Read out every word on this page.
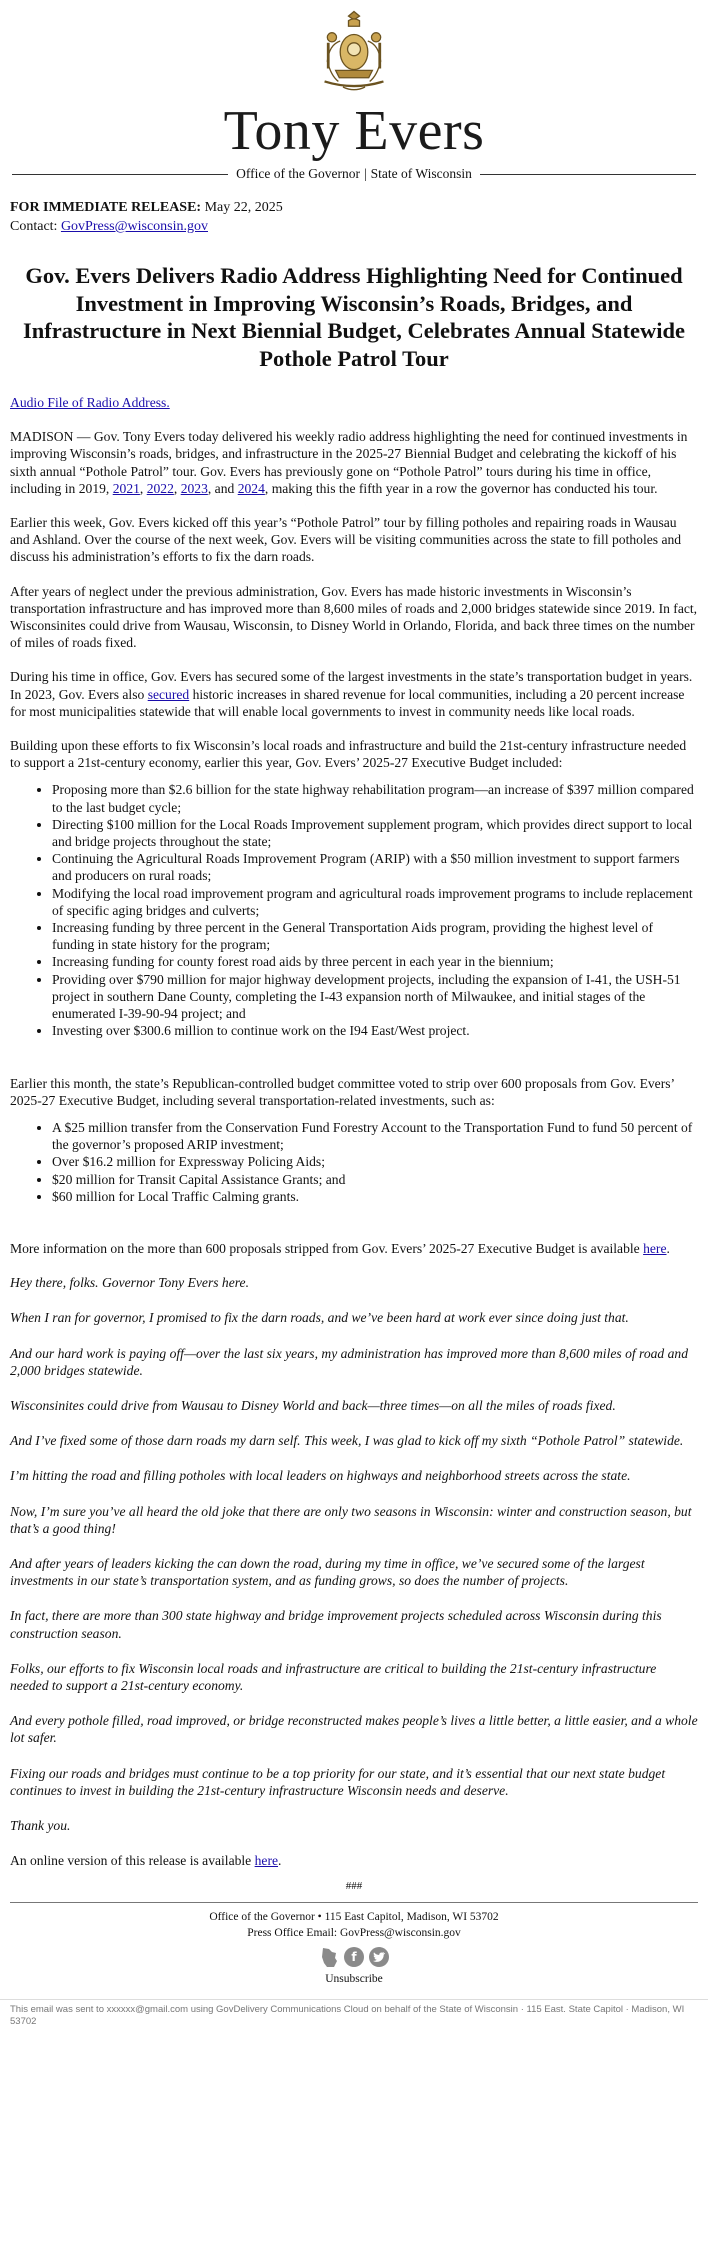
Tony Evers
Office of the Governor | State of Wisconsin
FOR IMMEDIATE RELEASE: May 22, 2025
Contact: GovPress@wisconsin.gov
Gov. Evers Delivers Radio Address Highlighting Need for Continued Investment in Improving Wisconsin’s Roads, Bridges, and Infrastructure in Next Biennial Budget, Celebrates Annual Statewide Pothole Patrol Tour

Audio File of Radio Address.

MADISON — Gov. Tony Evers today delivered his weekly radio address highlighting the need for continued investments in improving Wisconsin’s roads, bridges, and infrastructure in the 2025-27 Biennial Budget and celebrating the kickoff of his sixth annual “Pothole Patrol” tour. Gov. Evers has previously gone on “Pothole Patrol” tours during his time in office, including in 2019, 2021, 2022, 2023, and 2024, making this the fifth year in a row the governor has conducted his tour.

Earlier this week, Gov. Evers kicked off this year’s “Pothole Patrol” tour by filling potholes and repairing roads in Wausau and Ashland. Over the course of the next week, Gov. Evers will be visiting communities across the state to fill potholes and discuss his administration’s efforts to fix the darn roads.

After years of neglect under the previous administration, Gov. Evers has made historic investments in Wisconsin’s transportation infrastructure and has improved more than 8,600 miles of roads and 2,000 bridges statewide since 2019. In fact, Wisconsinites could drive from Wausau, Wisconsin, to Disney World in Orlando, Florida, and back three times on the number of miles of roads fixed.

During his time in office, Gov. Evers has secured some of the largest investments in the state’s transportation budget in years. In 2023, Gov. Evers also secured historic increases in shared revenue for local communities, including a 20 percent increase for most municipalities statewide that will enable local governments to invest in community needs like local roads.

Building upon these efforts to fix Wisconsin’s local roads and infrastructure and build the 21st-century infrastructure needed to support a 21st-century economy, earlier this year, Gov. Evers’ 2025-27 Executive Budget included:

• Proposing more than $2.6 billion for the state highway rehabilitation program—an increase of $397 million compared to the last budget cycle;
• Directing $100 million for the Local Roads Improvement supplement program, which provides direct support to local and bridge projects throughout the state;
• Continuing the Agricultural Roads Improvement Program (ARIP) with a $50 million investment to support farmers and producers on rural roads;
• Modifying the local road improvement program and agricultural roads improvement programs to include replacement of specific aging bridges and culverts;
• Increasing funding by three percent in the General Transportation Aids program, providing the highest level of funding in state history for the program;
• Increasing funding for county forest road aids by three percent in each year in the biennium;
• Providing over $790 million for major highway development projects, including the expansion of I-41, the USH-51 project in southern Dane County, completing the I-43 expansion north of Milwaukee, and initial stages of the enumerated I-39-90-94 project; and
• Investing over $300.6 million to continue work on the I94 East/West project.

Earlier this month, the state’s Republican-controlled budget committee voted to strip over 600 proposals from Gov. Evers’ 2025-27 Executive Budget, including several transportation-related investments, such as:

• A $25 million transfer from the Conservation Fund Forestry Account to the Transportation Fund to fund 50 percent of the governor’s proposed ARIP investment;
• Over $16.2 million for Expressway Policing Aids;
• $20 million for Transit Capital Assistance Grants; and
• $60 million for Local Traffic Calming grants.

More information on the more than 600 proposals stripped from Gov. Evers’ 2025-27 Executive Budget is available here.

Hey there, folks. Governor Tony Evers here.

When I ran for governor, I promised to fix the darn roads, and we’ve been hard at work ever since doing just that.

And our hard work is paying off—over the last six years, my administration has improved more than 8,600 miles of road and 2,000 bridges statewide.

Wisconsinites could drive from Wausau to Disney World and back—three times—on all the miles of roads fixed.

And I’ve fixed some of those darn roads my darn self. This week, I was glad to kick off my sixth “Pothole Patrol” statewide.

I’m hitting the road and filling potholes with local leaders on highways and neighborhood streets across the state.

Now, I’m sure you’ve all heard the old joke that there are only two seasons in Wisconsin: winter and construction season, but that’s a good thing!

And after years of leaders kicking the can down the road, during my time in office, we’ve secured some of the largest investments in our state’s transportation system, and as funding grows, so does the number of projects.

In fact, there are more than 300 state highway and bridge improvement projects scheduled across Wisconsin during this construction season.

Folks, our efforts to fix Wisconsin local roads and infrastructure are critical to building the 21st-century infrastructure needed to support a 21st-century economy.

And every pothole filled, road improved, or bridge reconstructed makes people’s lives a little better, a little easier, and a whole lot safer.

Fixing our roads and bridges must continue to be a top priority for our state, and it’s essential that our next state budget continues to invest in building the 21st-century infrastructure Wisconsin needs and deserve.

Thank you.

An online version of this release is available here.

###
Office of the Governor • 115 East Capitol, Madison, WI 53702
Press Office Email: GovPress@wisconsin.gov
f
Unsubscribe
This email was sent to xxxxxx@gmail.com using GovDelivery Communications Cloud on behalf of the State of Wisconsin · 115 East. State Capitol · Madison, WI 53702
